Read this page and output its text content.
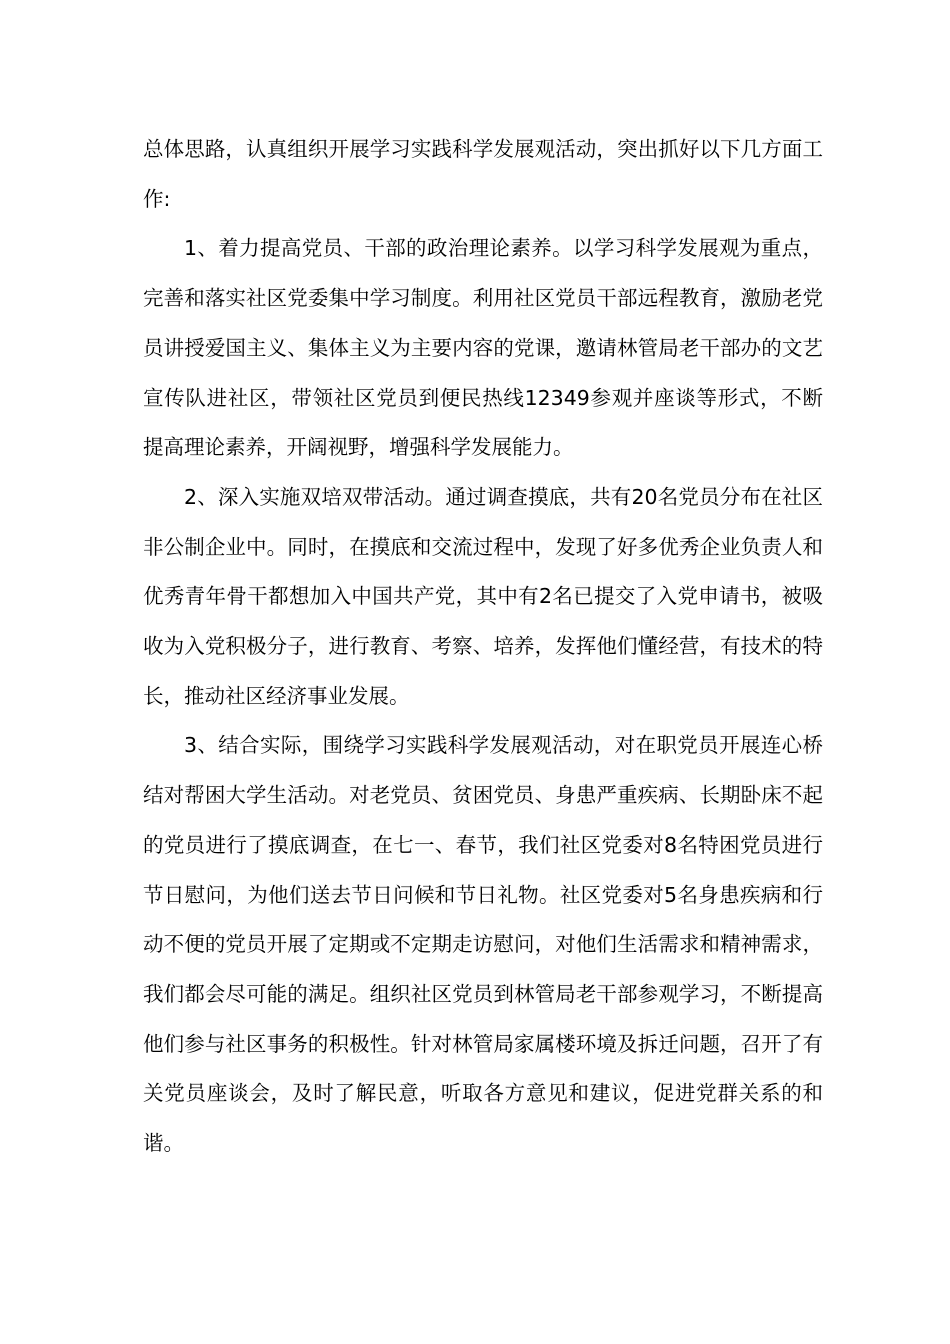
总体思路，认真组织开展学习实践科学发展观活动，突出抓好以下几方面工作:

1、着力提高党员、干部的政治理论素养。以学习科学发展观为重点，完善和落实社区党委集中学习制度。利用社区党员干部远程教育，激励老党员讲授爱国主义、集体主义为主要内容的党课，邀请林管局老干部办的文艺宣传队进社区，带领社区党员到便民热线12349参观并座谈等形式，不断提高理论素养，开阔视野，增强科学发展能力。

2、深入实施双培双带活动。通过调查摸底，共有20名党员分布在社区非公制企业中。同时，在摸底和交流过程中，发现了好多优秀企业负责人和优秀青年骨干都想加入中国共产党，其中有2名已提交了入党申请书，被吸收为入党积极分子，进行教育、考察、培养，发挥他们懂经营，有技术的特长，推动社区经济事业发展。

3、结合实际，围绕学习实践科学发展观活动，对在职党员开展连心桥结对帮困大学生活动。对老党员、贫困党员、身患严重疾病、长期卧床不起的党员进行了摸底调查，在七一、春节，我们社区党委对8名特困党员进行节日慰问，为他们送去节日问候和节日礼物。社区党委对5名身患疾病和行动不便的党员开展了定期或不定期走访慰问，对他们生活需求和精神需求，我们都会尽可能的满足。组织社区党员到林管局老干部参观学习，不断提高他们参与社区事务的积极性。针对林管局家属楼环境及拆迁问题，召开了有关党员座谈会，及时了解民意，听取各方意见和建议，促进党群关系的和谐。
